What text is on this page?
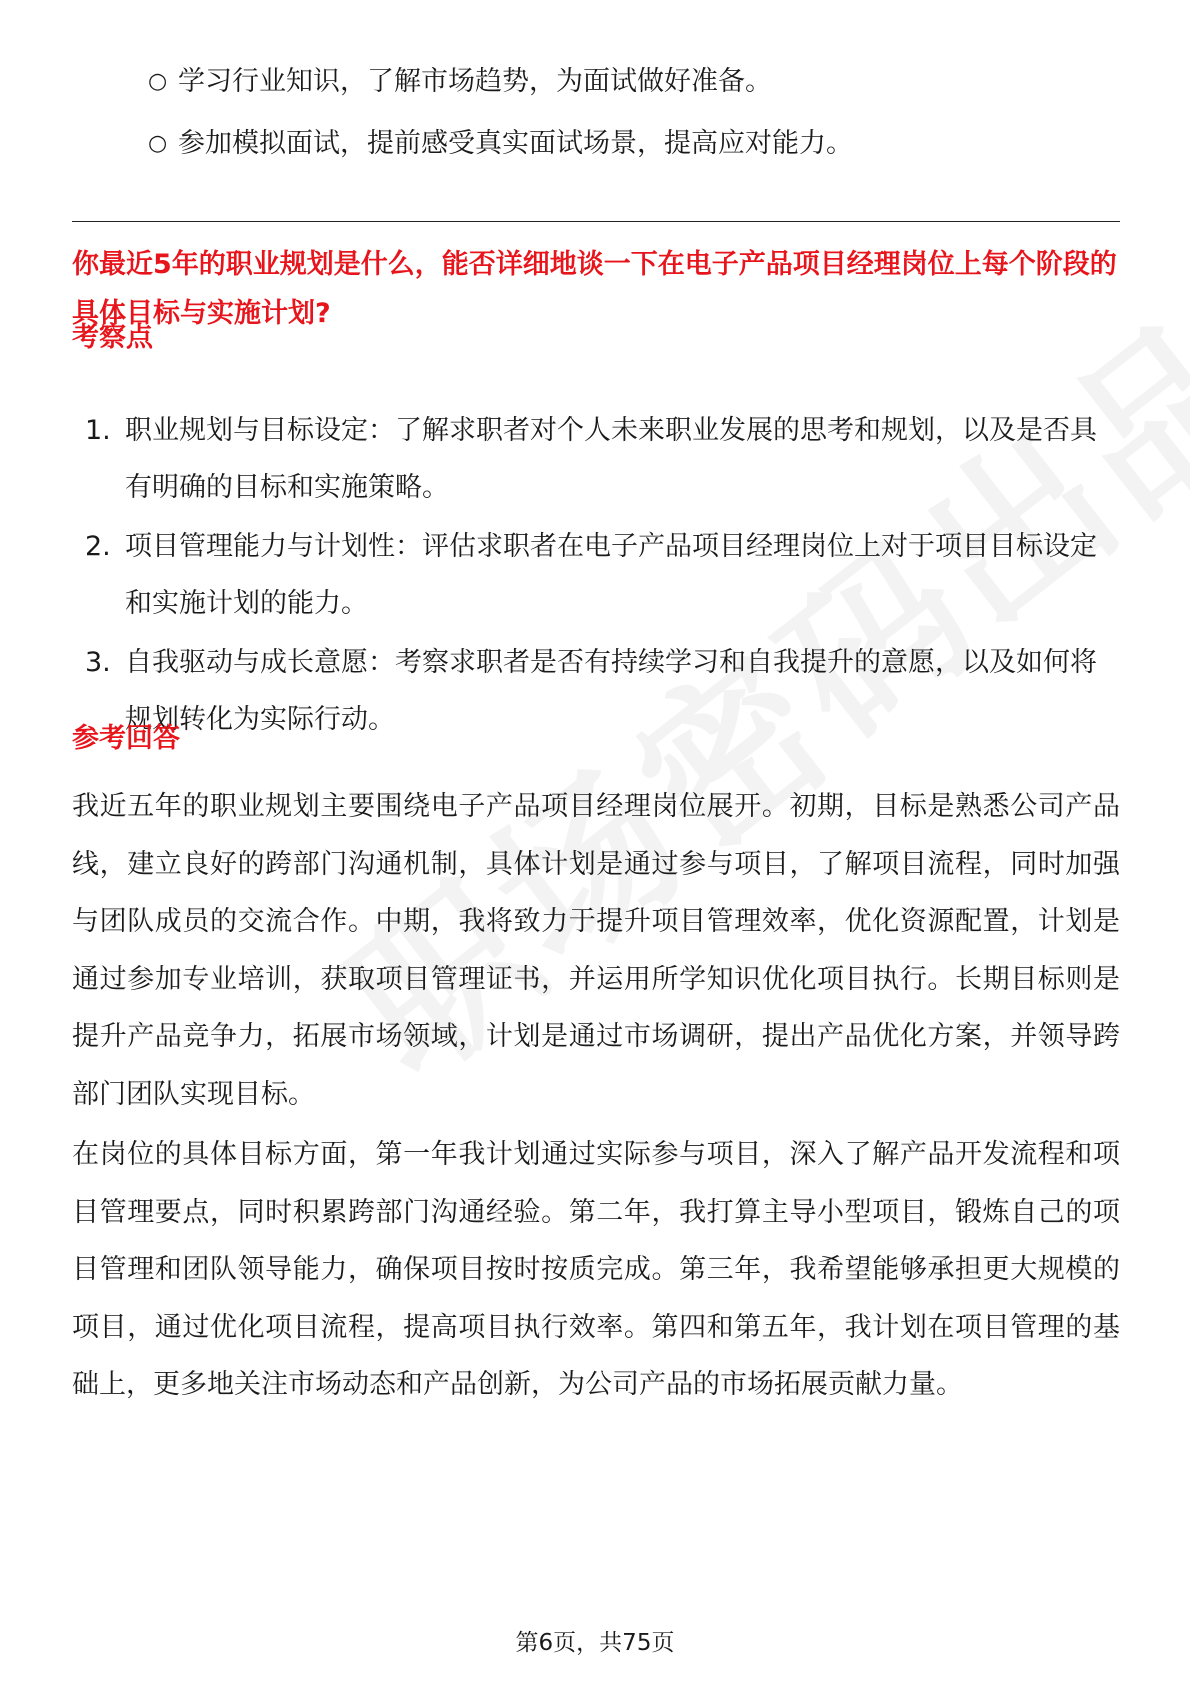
○ 学习行业知识，了解市场趋势，为面试做好准备。
○ 参加模拟面试，提前感受真实面试场景，提高应对能力。
你最近5年的职业规划是什么，能否详细地谈一下在电子产品项目经理岗位上每个阶段的具体目标与实施计划?
考察点
1. 职业规划与目标设定：了解求职者对个人未来职业发展的思考和规划，以及是否具有明确的目标和实施策略。
2. 项目管理能力与计划性：评估求职者在电子产品项目经理岗位上对于项目目标设定和实施计划的能力。
3. 自我驱动与成长意愿：考察求职者是否有持续学习和自我提升的意愿，以及如何将规划转化为实际行动。
参考回答

我近五年的职业规划主要围绕电子产品项目经理岗位展开。初期，目标是熟悉公司产品线，建立良好的跨部门沟通机制，具体计划是通过参与项目，了解项目流程，同时加强与团队成员的交流合作。中期，我将致力于提升项目管理效率，优化资源配置，计划是通过参加专业培训，获取项目管理证书，并运用所学知识优化项目执行。长期目标则是提升产品竞争力，拓展市场领域，计划是通过市场调研，提出产品优化方案，并领导跨部门团队实现目标。

在岗位的具体目标方面，第一年我计划通过实际参与项目，深入了解产品开发流程和项目管理要点，同时积累跨部门沟通经验。第二年，我打算主导小型项目，锻炼自己的项目管理和团队领导能力，确保项目按时按质完成。第三年，我希望能够承担更大规模的项目，通过优化项目流程，提高项目执行效率。第四和第五年，我计划在项目管理的基础上，更多地关注市场动态和产品创新，为公司产品的市场拓展贡献力量。

第6页，共75页
